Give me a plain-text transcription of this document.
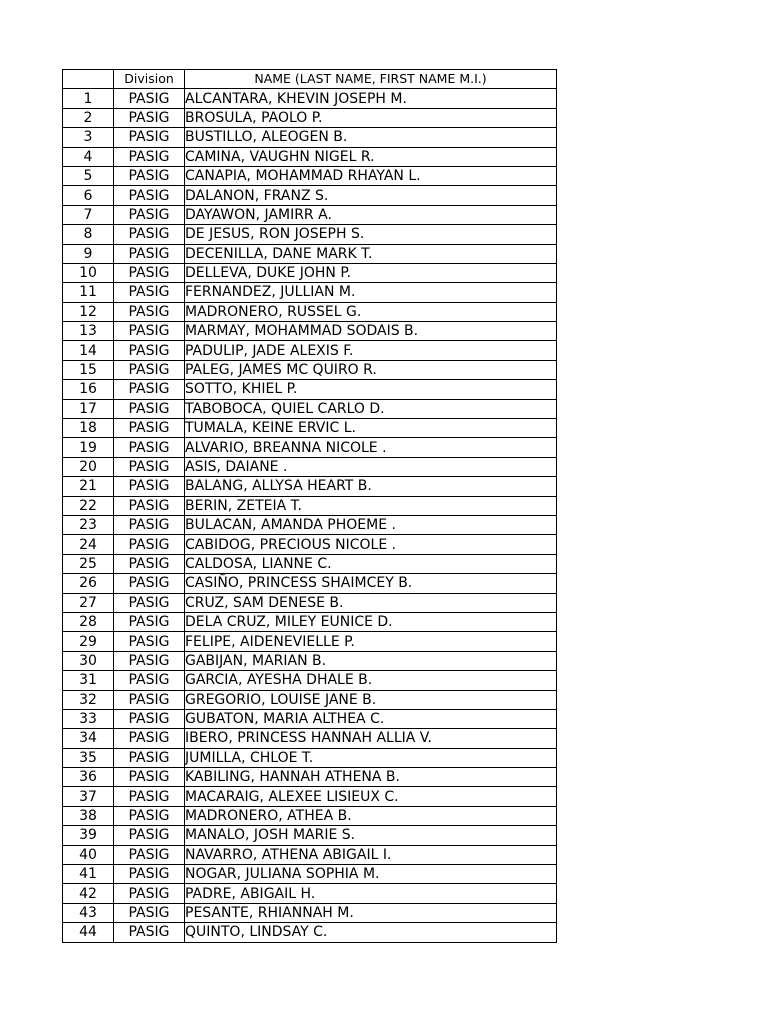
	Division	NAME (LAST NAME, FIRST NAME M.I.)
1	PASIG	ALCANTARA, KHEVIN JOSEPH M.
2	PASIG	BROSULA, PAOLO P.
3	PASIG	BUSTILLO, ALEOGEN B.
4	PASIG	CAMINA, VAUGHN NIGEL R.
5	PASIG	CANAPIA, MOHAMMAD RHAYAN L.
6	PASIG	DALANON, FRANZ S.
7	PASIG	DAYAWON, JAMIRR A.
8	PASIG	DE JESUS, RON JOSEPH S.
9	PASIG	DECENILLA, DANE MARK T.
10	PASIG	DELLEVA, DUKE JOHN P.
11	PASIG	FERNANDEZ, JULLIAN M.
12	PASIG	MADRONERO, RUSSEL G.
13	PASIG	MARMAY, MOHAMMAD SODAIS B.
14	PASIG	PADULIP, JADE ALEXIS F.
15	PASIG	PALEG, JAMES MC QUIRO R.
16	PASIG	SOTTO, KHIEL P.
17	PASIG	TABOBOCA, QUIEL CARLO D.
18	PASIG	TUMALA, KEINE ERVIC L.
19	PASIG	ALVARIO, BREANNA NICOLE .
20	PASIG	ASIS, DAIANE .
21	PASIG	BALANG, ALLYSA HEART B.
22	PASIG	BERIN, ZETEIA T.
23	PASIG	BULACAN, AMANDA PHOEME .
24	PASIG	CABIDOG, PRECIOUS NICOLE .
25	PASIG	CALDOSA, LIANNE C.
26	PASIG	CASIÑO, PRINCESS SHAIMCEY B.
27	PASIG	CRUZ, SAM DENESE B.
28	PASIG	DELA CRUZ, MILEY EUNICE D.
29	PASIG	FELIPE, AIDENEVIELLE P.
30	PASIG	GABIJAN, MARIAN B.
31	PASIG	GARCIA, AYESHA DHALE B.
32	PASIG	GREGORIO, LOUISE JANE B.
33	PASIG	GUBATON, MARIA ALTHEA C.
34	PASIG	IBERO, PRINCESS HANNAH ALLIA V.
35	PASIG	JUMILLA, CHLOE T.
36	PASIG	KABILING, HANNAH ATHENA B.
37	PASIG	MACARAIG, ALEXEE LISIEUX C.
38	PASIG	MADRONERO, ATHEA B.
39	PASIG	MANALO, JOSH MARIE S.
40	PASIG	NAVARRO, ATHENA ABIGAIL I.
41	PASIG	NOGAR, JULIANA SOPHIA M.
42	PASIG	PADRE, ABIGAIL H.
43	PASIG	PESANTE, RHIANNAH M.
44	PASIG	QUINTO, LINDSAY C.
